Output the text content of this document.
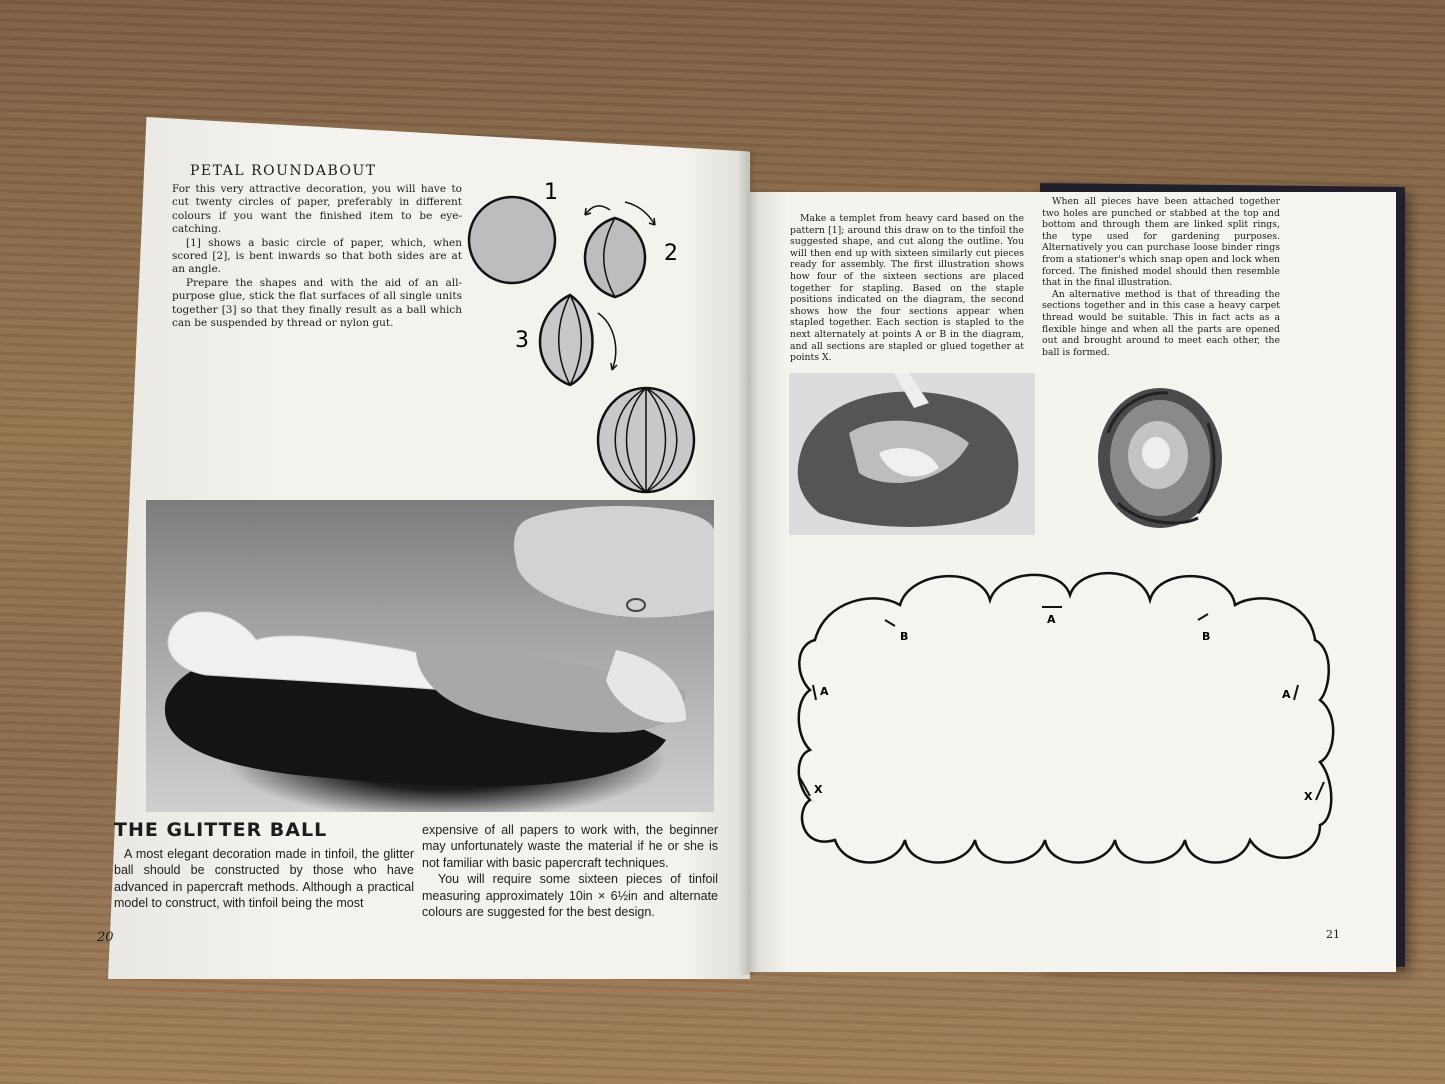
PETAL ROUNDABOUT

For this very attractive decoration, you will have to cut twenty circles of paper, preferably in different colours if you want the finished item to be eye-catching.

[1] shows a basic circle of paper, which, when scored [2], is bent inwards so that both sides are at an angle.

Prepare the shapes and with the aid of an all-purpose glue, stick the flat surfaces of all single units together [3] so that they finally result as a ball which can be suspended by thread or nylon gut.

1
2
3
THE GLITTER BALL
A most elegant decoration made in tinfoil, the glitter ball should be constructed by those who have advanced in papercraft methods. Although a practical model to construct, with tinfoil being the most

expensive of all papers to work with, the beginner may unfortunately waste the material if he or she is not familiar with basic papercraft techniques.

You will require some sixteen pieces of tinfoil measuring approximately 10in × 6½in and alternate colours are suggested for the best design.

20
Make a templet from heavy card based on the pattern [1]; around this draw on to the tinfoil the suggested shape, and cut along the outline. You will then end up with sixteen similarly cut pieces ready for assembly. The first illustration shows how four of the sixteen sections are placed together for stapling. Based on the staple positions indicated on the diagram, the second shows how the four sections appear when stapled together. Each section is stapled to the next alternately at points A or B in the diagram, and all sections are stapled or glued together at points X.

When all pieces have been attached together two holes are punched or stabbed at the top and bottom and through them are linked split rings, the type used for gardening purposes. Alternatively you can purchase loose binder rings from a stationer's which snap open and lock when forced. The finished model should then resemble that in the final illustration.

An alternative method is that of threading the sections together and in this case a heavy carpet thread would be suitable. This in fact acts as a flexible hinge and when all the parts are opened out and brought around to meet each other, the ball is formed.

A
B	B
A	A
X
X
21
